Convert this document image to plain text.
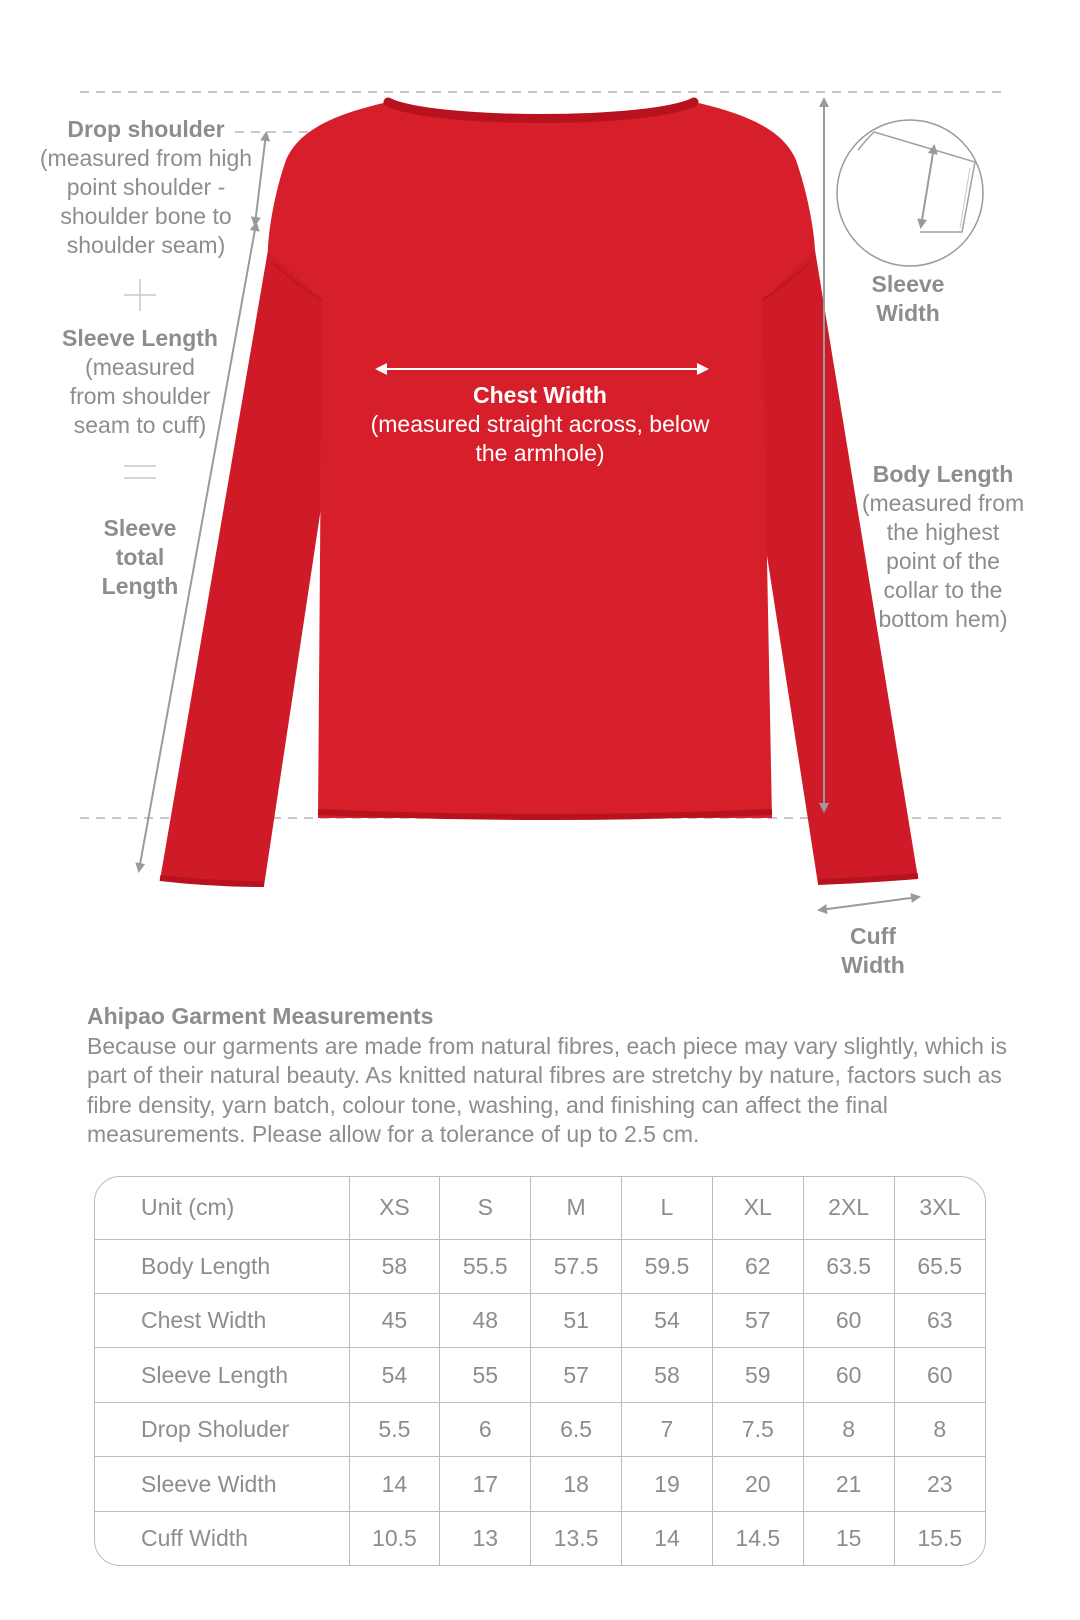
Drop shoulder
(measured from high
point shoulder -
shoulder bone to
shoulder seam)
Sleeve Length
(measured
from shoulder
seam to cuff)
Sleeve
total
Length
Chest Width
(measured straight across, below
the armhole)
Sleeve
Width
Body Length
(measured from
the highest
point of the
collar to the
bottom hem)
Cuff
Width
Ahipao Garment Measurements

Because our garments are made from natural fibres, each piece may vary slightly, which is part of their natural beauty. As knitted natural fibres are stretchy by nature, factors such as fibre density, yarn batch, colour tone, washing, and finishing can affect the final measurements. Please allow for a tolerance of up to 2.5 cm.

Unit (cm)	XS	S	M	L	XL	2XL	3XL
Body Length	58	55.5	57.5	59.5	62	63.5	65.5
Chest Width	45	48	51	54	57	60	63
Sleeve Length	54	55	57	58	59	60	60
Drop Sholuder	5.5	6	6.5	7	7.5	8	8
Sleeve Width	14	17	18	19	20	21	23
Cuff Width	10.5	13	13.5	14	14.5	15	15.5
